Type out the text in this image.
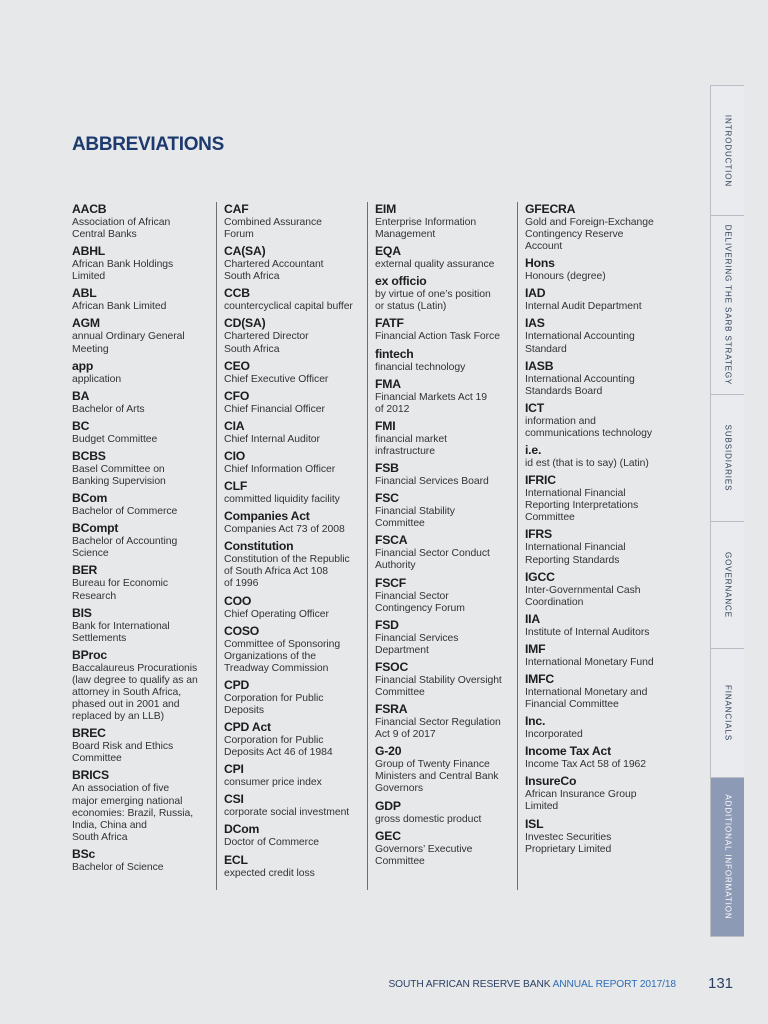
ABBREVIATIONS
AACB
Association of African
Central Banks
ABHL
African Bank Holdings
Limited
ABL
African Bank Limited
AGM
annual Ordinary General
Meeting
app
application
BA
Bachelor of Arts
BC
Budget Committee
BCBS
Basel Committee on
Banking Supervision
BCom
Bachelor of Commerce
BCompt
Bachelor of Accounting
Science
BER
Bureau for Economic
Research
BIS
Bank for International
Settlements
BProc
Baccalaureus Procurationis
(law degree to qualify as an
attorney in South Africa,
phased out in 2001 and
replaced by an LLB)
BREC
Board Risk and Ethics
Committee
BRICS
An association of five
major emerging national
economies: Brazil, Russia,
India, China and
South Africa
BSc
Bachelor of Science
CAF
Combined Assurance
Forum
CA(SA)
Chartered Accountant
South Africa
CCB
countercyclical capital buffer
CD(SA)
Chartered Director
South Africa
CEO
Chief Executive Officer
CFO
Chief Financial Officer
CIA
Chief Internal Auditor
CIO
Chief Information Officer
CLF
committed liquidity facility
Companies Act
Companies Act 73 of 2008
Constitution
Constitution of the Republic
of South Africa Act 108
of 1996
COO
Chief Operating Officer
COSO
Committee of Sponsoring
Organizations of the
Treadway Commission
CPD
Corporation for Public
Deposits
CPD Act
Corporation for Public
Deposits Act 46 of 1984
CPI
consumer price index
CSI
corporate social investment
DCom
Doctor of Commerce
ECL
expected credit loss
EIM
Enterprise Information
Management
EQA
external quality assurance
ex officio
by virtue of one’s position
or status (Latin)
FATF
Financial Action Task Force
fintech
financial technology
FMA
Financial Markets Act 19
of 2012
FMI
financial market
infrastructure
FSB
Financial Services Board
FSC
Financial Stability
Committee
FSCA
Financial Sector Conduct
Authority
FSCF
Financial Sector
Contingency Forum
FSD
Financial Services
Department
FSOC
Financial Stability Oversight
Committee
FSRA
Financial Sector Regulation
Act 9 of 2017
G-20
Group of Twenty Finance
Ministers and Central Bank
Governors
GDP
gross domestic product
GEC
Governors’ Executive
Committee
GFECRA
Gold and Foreign-Exchange
Contingency Reserve
Account
Hons
Honours (degree)
IAD
Internal Audit Department
IAS
International Accounting
Standard
IASB
International Accounting
Standards Board
ICT
information and
communications technology
i.e.
id est (that is to say) (Latin)
IFRIC
International Financial
Reporting Interpretations
Committee
IFRS
International Financial
Reporting Standards
IGCC
Inter-Governmental Cash
Coordination
IIA
Institute of Internal Auditors
IMF
International Monetary Fund
IMFC
International Monetary and
Financial Committee
Inc.
Incorporated
Income Tax Act
Income Tax Act 58 of 1962
InsureCo
African Insurance Group
Limited
ISL
Investec Securities
Proprietary Limited
INTRODUCTION
DELIVERING THE SARB STRATEGY
SUBSIDIARIES
GOVERNANCE
FINANCIALS
ADDITIONAL INFORMATION
SOUTH AFRICAN RESERVE BANK ANNUAL REPORT 2017/18 131
